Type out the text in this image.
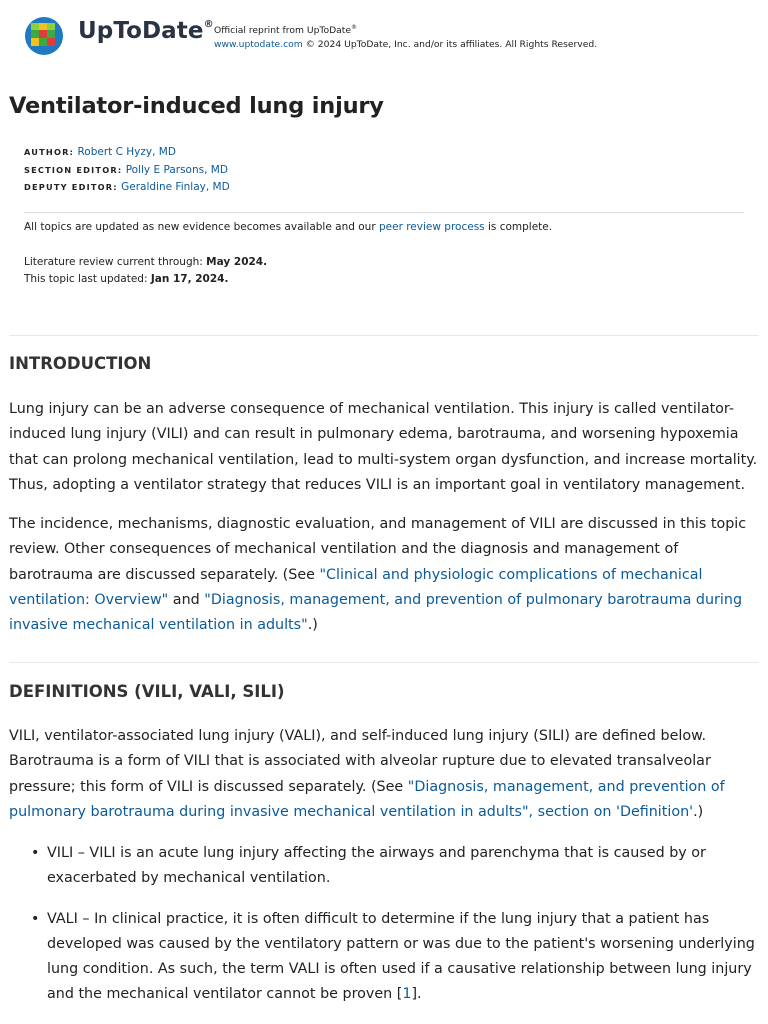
UpToDate®
Official reprint from UpToDate®
www.uptodate.com © 2024 UpToDate, Inc. and/or its affiliates. All Rights Reserved.
Ventilator-induced lung injury
AUTHOR: Robert C Hyzy, MD
SECTION EDITOR: Polly E Parsons, MD
DEPUTY EDITOR: Geraldine Finlay, MD
All topics are updated as new evidence becomes available and our peer review process is complete.
Literature review current through: May 2024.
This topic last updated: Jan 17, 2024.
INTRODUCTION

Lung injury can be an adverse consequence of mechanical ventilation. This injury is called ventilator-induced lung injury (VILI) and can result in pulmonary edema, barotrauma, and worsening hypoxemia that can prolong mechanical ventilation, lead to multi-system organ dysfunction, and increase mortality. Thus, adopting a ventilator strategy that reduces VILI is an important goal in ventilatory management.

The incidence, mechanisms, diagnostic evaluation, and management of VILI are discussed in this topic review. Other consequences of mechanical ventilation and the diagnosis and management of barotrauma are discussed separately. (See "Clinical and physiologic complications of mechanical ventilation: Overview" and "Diagnosis, management, and prevention of pulmonary barotrauma during invasive mechanical ventilation in adults".)

DEFINITIONS (VILI, VALI, SILI)

VILI, ventilator-associated lung injury (VALI), and self-induced lung injury (SILI) are defined below. Barotrauma is a form of VILI that is associated with alveolar rupture due to elevated transalveolar pressure; this form of VILI is discussed separately. (See "Diagnosis, management, and prevention of pulmonary barotrauma during invasive mechanical ventilation in adults", section on 'Definition'.)

• VILI – VILI is an acute lung injury affecting the airways and parenchyma that is caused by or exacerbated by mechanical ventilation.
• VALI – In clinical practice, it is often difficult to determine if the lung injury that a patient has developed was caused by the ventilatory pattern or was due to the patient's worsening underlying lung condition. As such, the term VALI is often used if a causative relationship between lung injury and the mechanical ventilator cannot be proven [1].
